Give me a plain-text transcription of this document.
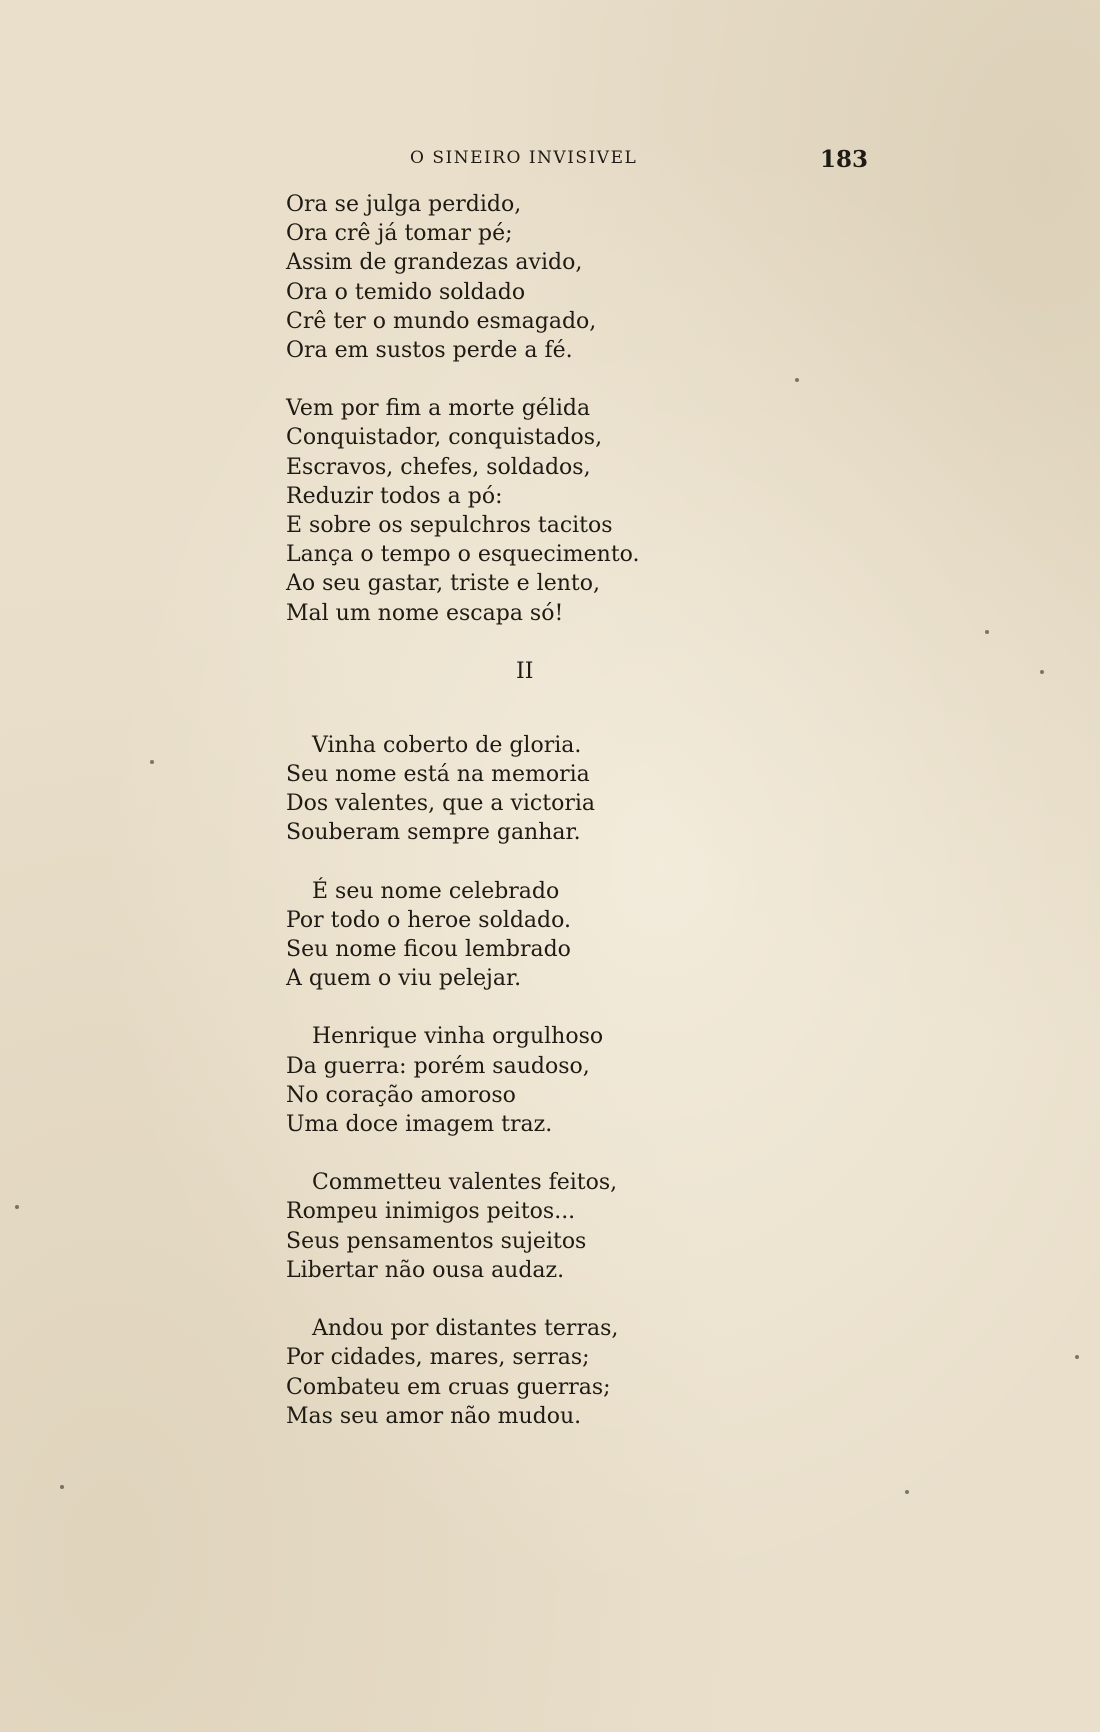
O SINEIRO INVISIVEL	183
Ora se julga perdido,
Ora crê já tomar pé;
Assim de grandezas avido,
Ora o temido soldado
Crê ter o mundo esmagado,
Ora em sustos perde a fé.
Vem por fim a morte gélida
Conquistador, conquistados,
Escravos, chefes, soldados,
Reduzir todos a pó:
E sobre os sepulchros tacitos
Lança o tempo o esquecimento.
Ao seu gastar, triste e lento,
Mal um nome escapa só!
II
Vinha coberto de gloria.
Seu nome está na memoria
Dos valentes, que a victoria
Souberam sempre ganhar.
É seu nome celebrado
Por todo o heroe soldado.
Seu nome ficou lembrado
A quem o viu pelejar.
Henrique vinha orgulhoso
Da guerra: porém saudoso,
No coração amoroso
Uma doce imagem traz.
Commetteu valentes feitos,
Rompeu inimigos peitos...
Seus pensamentos sujeitos
Libertar não ousa audaz.
Andou por distantes terras,
Por cidades, mares, serras;
Combateu em cruas guerras;
Mas seu amor não mudou.
